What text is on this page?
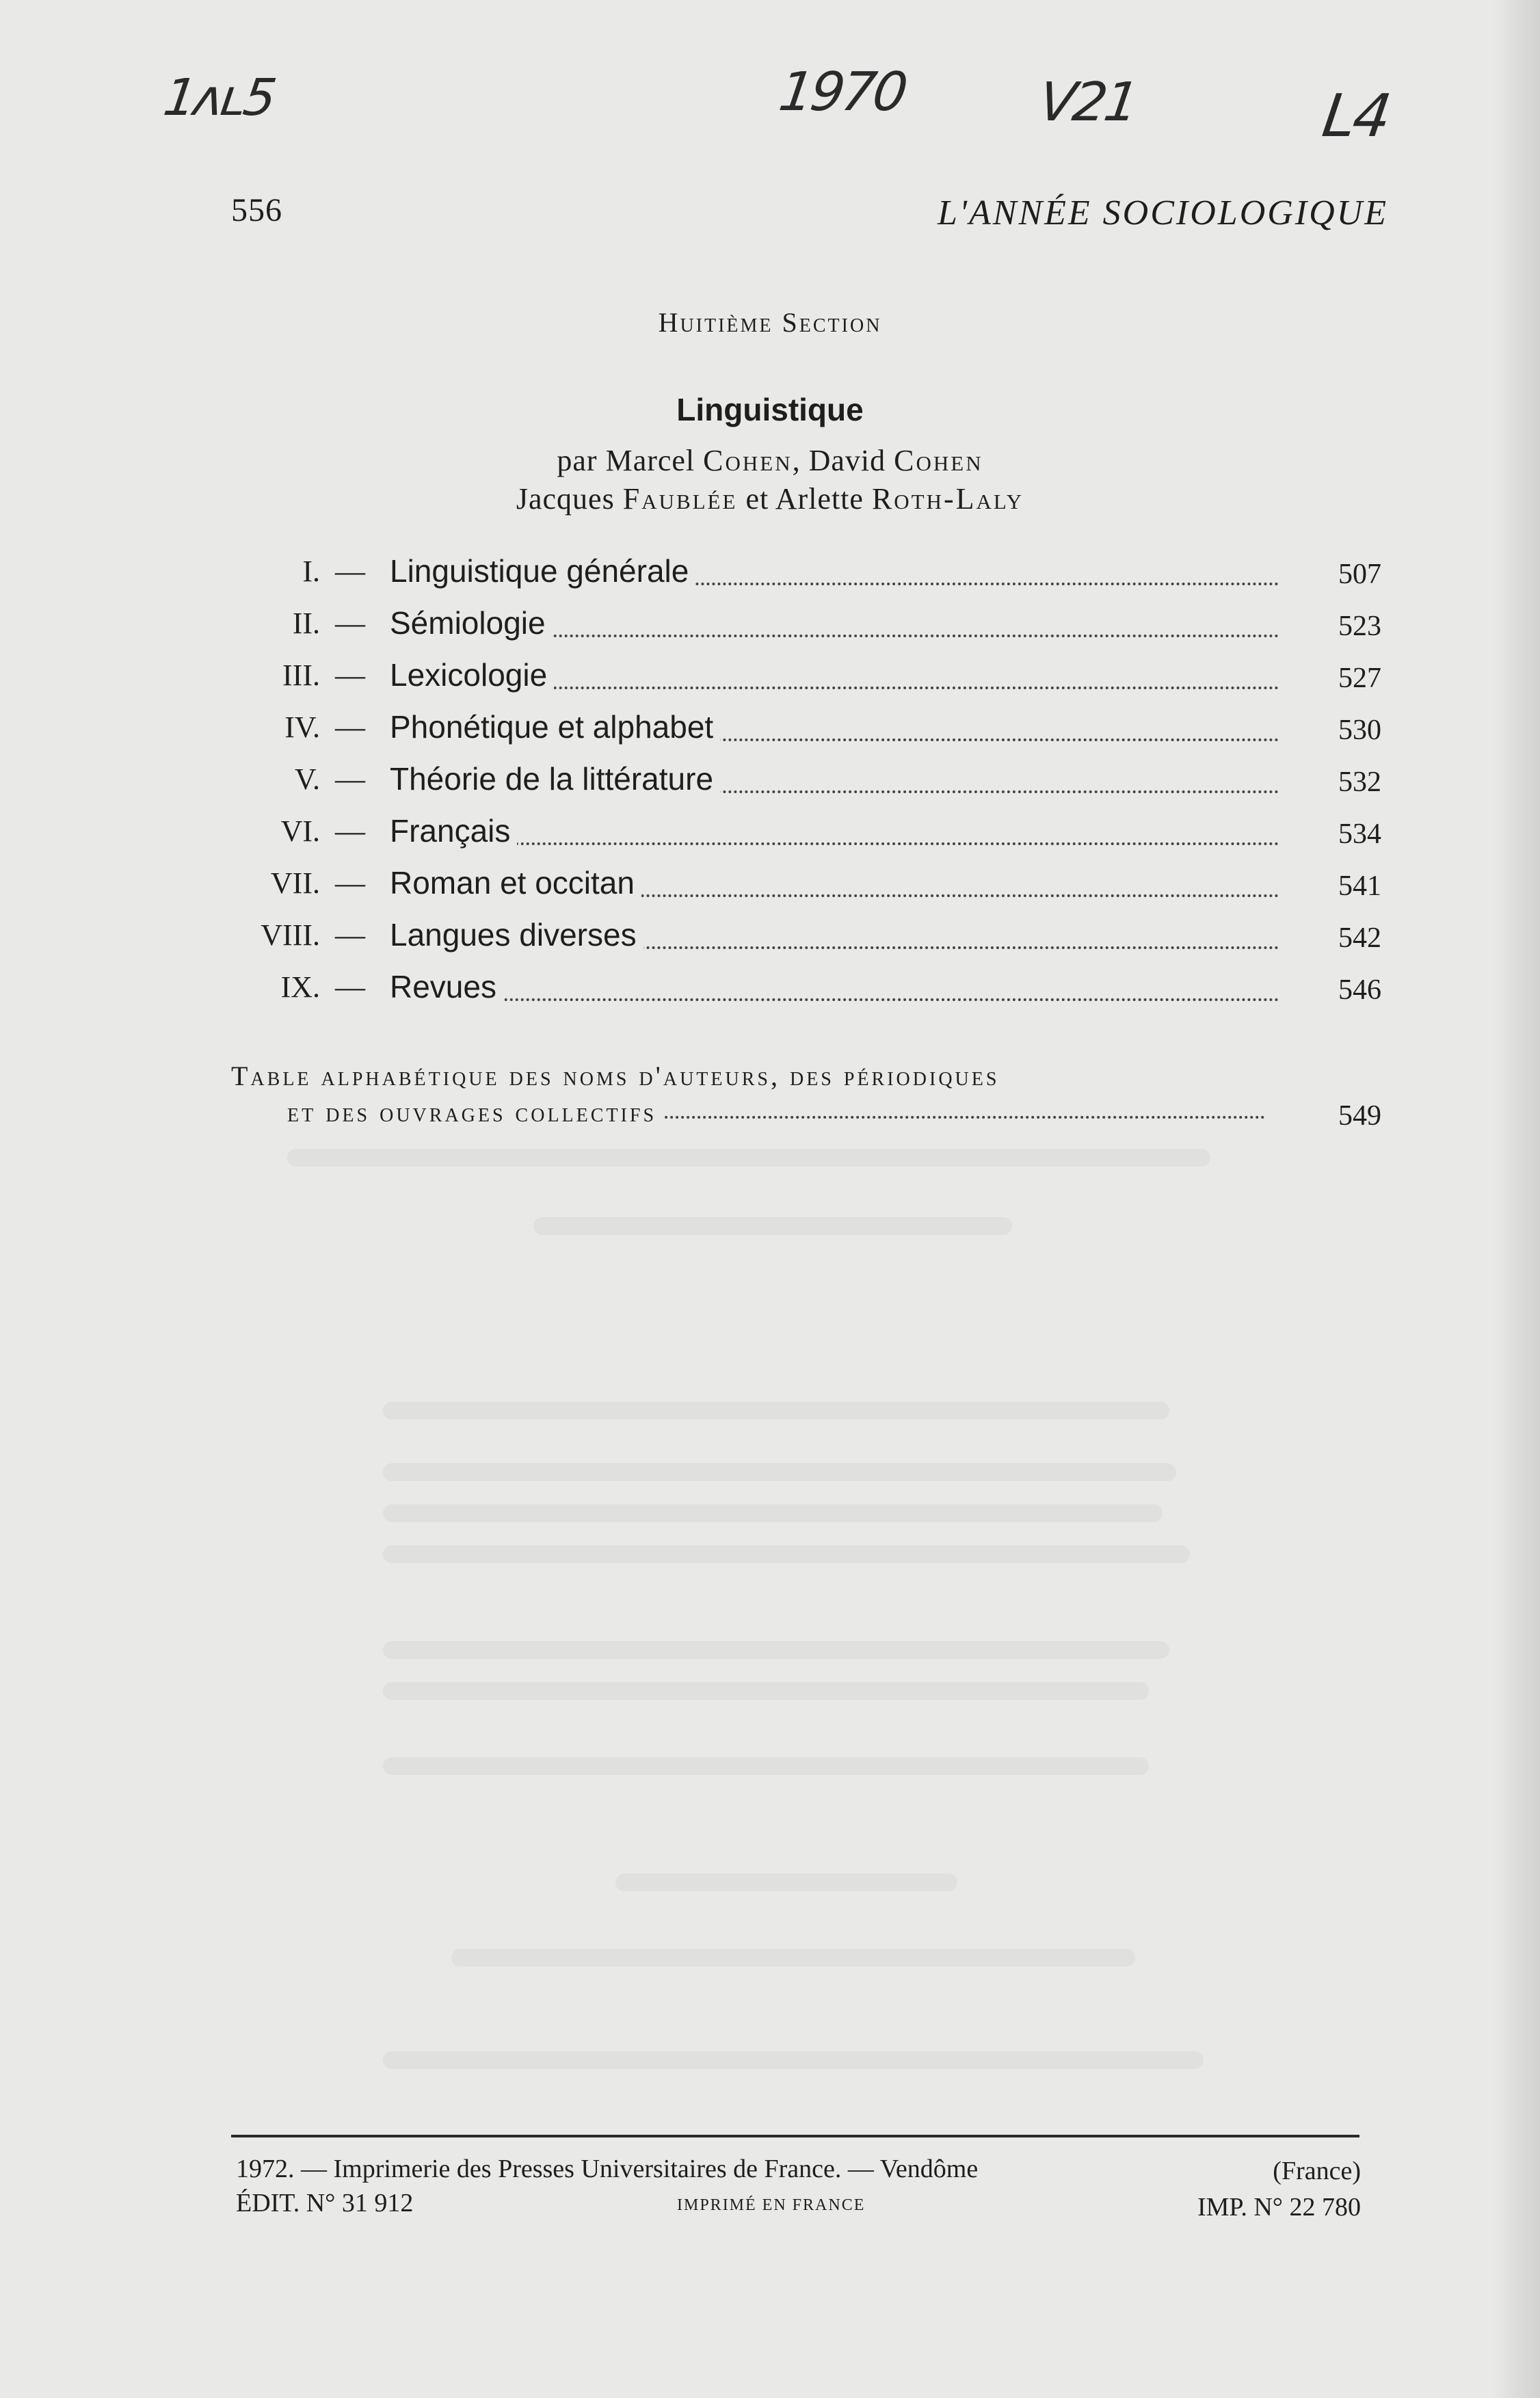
1ʌʟ5	1970 V21	L4
556	L'ANNÉE SOCIOLOGIQUE
Huitième Section
Linguistique
par Marcel Cohen, David Cohen
Jacques Faublée et Arlette Roth-Laly
I. — Linguistique générale	507
II. — Sémiologie	523
III. — Lexicologie	527
IV. — Phonétique et alphabet	530
V. — Théorie de la littérature	532
VI. — Français	534
VII. — Roman et occitan	541
VIII. — Langues diverses	542
IX. — Revues	546
Table alphabétique des noms d'auteurs, des périodiques
et des ouvrages collectifs	549
1972. — Imprimerie des Presses Universitaires de France. — Vendôme	(France)
ÉDIT. N° 31 912	IMPRIMÉ EN FRANCE	IMP. N° 22 780
